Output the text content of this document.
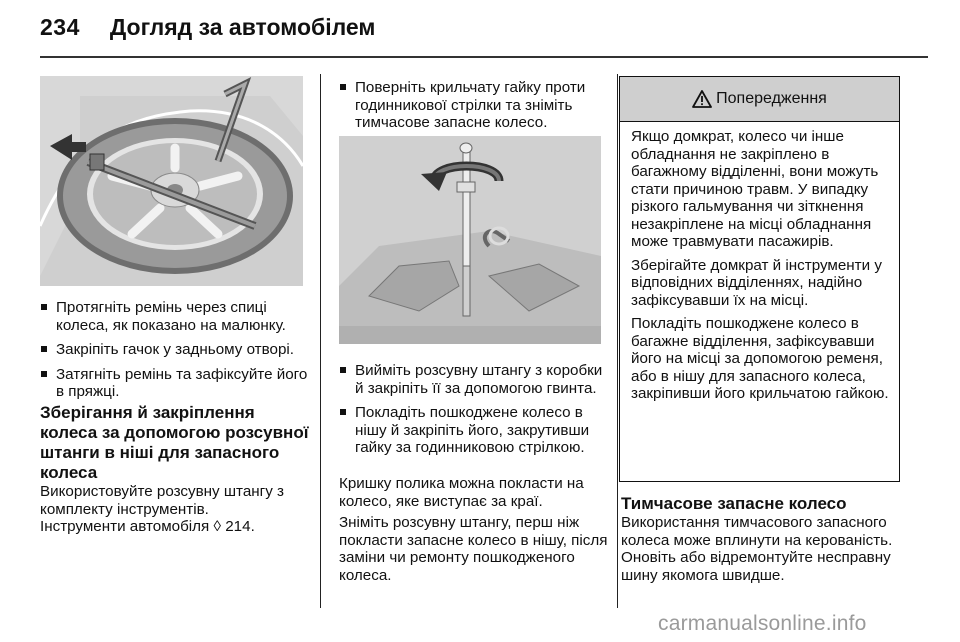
234 Догляд за автомобілем
Протягніть ремінь через спиці колеса, як показано на малюнку.
Закріпіть гачок у задньому отворі.
Затягніть ремінь та зафіксуйте його в пряжці.
Зберігання й закріплення колеса за допомогою розсувної штанги в ніші для запасного колеса
Використовуйте розсувну штангу з комплекту інструментів.
Інструменти автомобіля ◊ 214.
Поверніть крильчату гайку проти годинникової стрілки та зніміть тимчасове запасне колесо.
Вийміть розсувну штангу з коробки й закріпіть її за допомогою гвинта.
Покладіть пошкоджене колесо в нішу й закріпіть його, закрутивши гайку за годинниковою стрілкою.
Кришку полика можна покласти на колесо, яке виступає за краї.
Зніміть розсувну штангу, перш ніж покласти запасне колесо в нішу, після заміни чи ремонту пошкодженого колеса.
Попередження
Якщо домкрат, колесо чи інше обладнання не закріплено в багажному відділенні, вони можуть стати причиною травм. У випадку різкого гальмування чи зіткнення незакріплене на місці обладнання може травмувати пасажирів.
Зберігайте домкрат й інструменти у відповідних відділеннях, надійно зафіксувавши їх на місці.
Покладіть пошкоджене колесо в багажне відділення, зафіксувавши його на місці за допомогою ременя, або в нішу для запасного колеса, закріпивши його крильчатою гайкою.
Тимчасове запасне колесо
Використання тимчасового запасного колеса може вплинути на керованість. Оновіть або відремонтуйте несправну шину якомога швидше.
carmanualsonline.info
